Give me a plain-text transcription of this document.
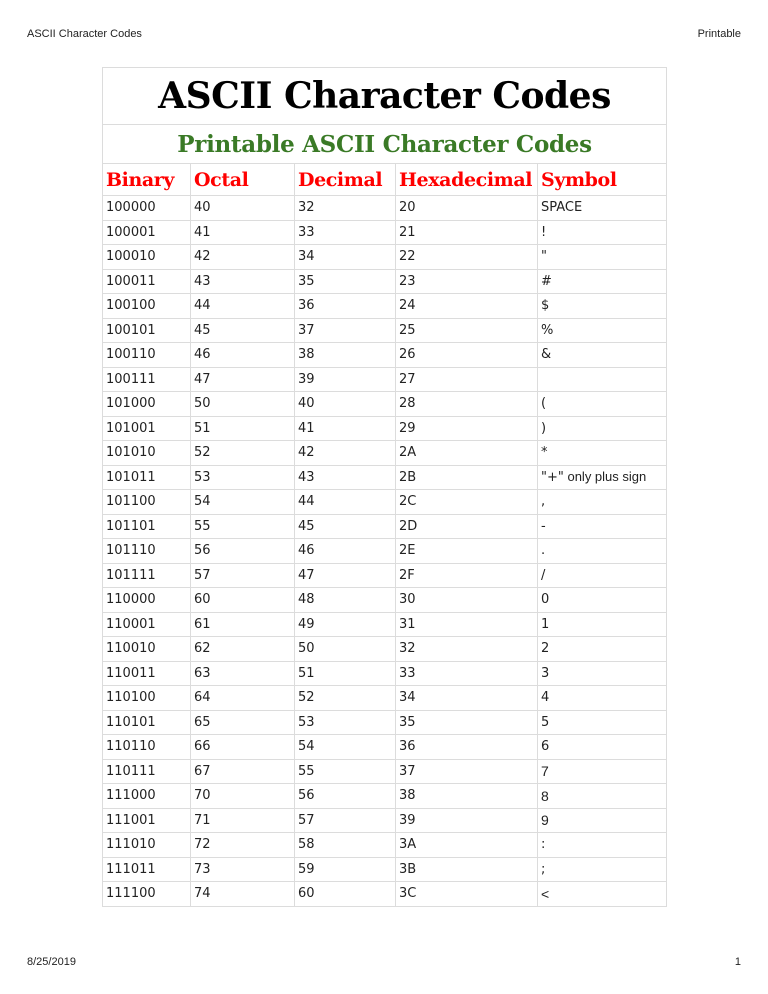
ASCII Character Codes	Printable
ASCII Character Codes				
Printable ASCII Character Codes				
Binary	Octal	Decimal	Hexadecimal	Symbol
100000	40	32	20	SPACE
100001	41	33	21	!
100010	42	34	22	"
100011	43	35	23	#
100100	44	36	24	$
100101	45	37	25	%
100110	46	38	26	&
100111	47	39	27	
101000	50	40	28	(
101001	51	41	29	)
101010	52	42	2A	*
101011	53	43	2B	"+" only plus sign
101100	54	44	2C	,
101101	55	45	2D	-
101110	56	46	2E	.
101111	57	47	2F	/
110000	60	48	30	0
110001	61	49	31	1
110010	62	50	32	2
110011	63	51	33	3
110100	64	52	34	4
110101	65	53	35	5
110110	66	54	36	6
110111	67	55	37	7
111000	70	56	38	8
111001	71	57	39	9
111010	72	58	3A	:
111011	73	59	3B	;
111100	74	60	3C	<
8/25/2019	1
